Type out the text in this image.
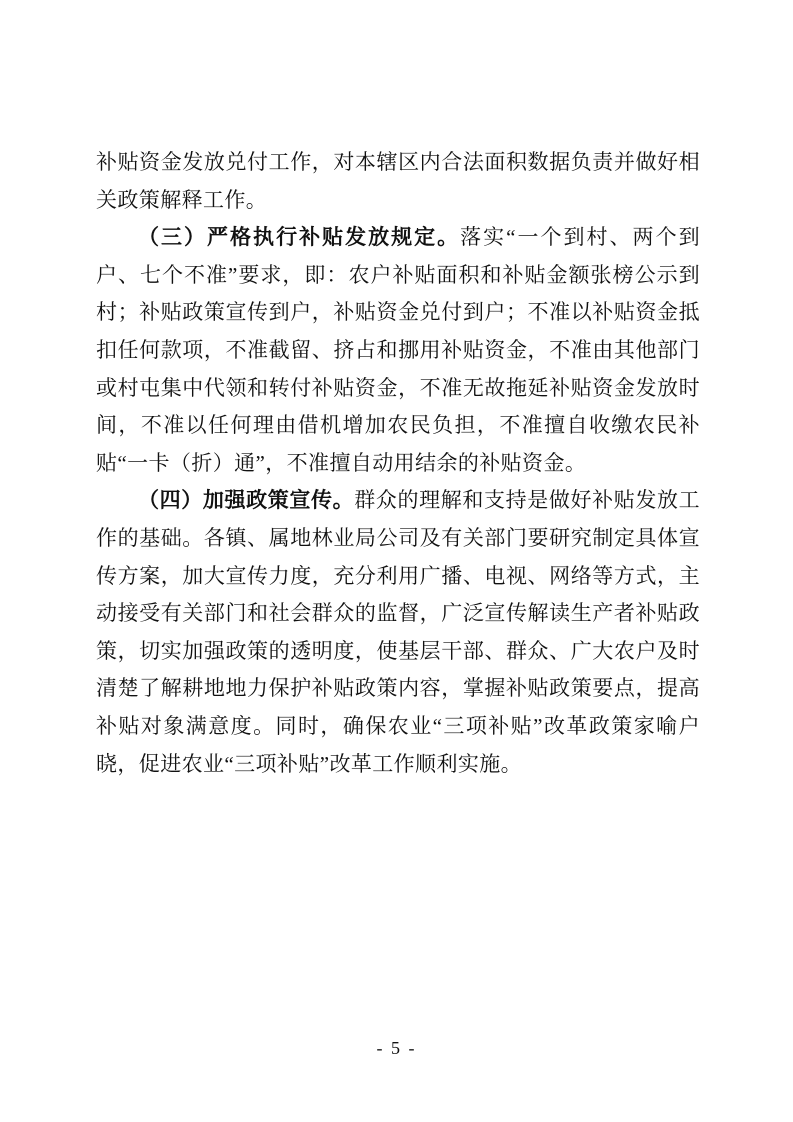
补贴资金发放兑付工作，对本辖区内合法面积数据负责并做好相关政策解释工作。

（三）严格执行补贴发放规定。落实“一个到村、两个到户、七个不准”要求，即：农户补贴面积和补贴金额张榜公示到村；补贴政策宣传到户，补贴资金兑付到户；不准以补贴资金抵扣任何款项，不准截留、挤占和挪用补贴资金，不准由其他部门或村屯集中代领和转付补贴资金，不准无故拖延补贴资金发放时间，不准以任何理由借机增加农民负担，不准擅自收缴农民补贴“一卡（折）通”，不准擅自动用结余的补贴资金。

（四）加强政策宣传。群众的理解和支持是做好补贴发放工作的基础。各镇、属地林业局公司及有关部门要研究制定具体宣传方案，加大宣传力度，充分利用广播、电视、网络等方式，主动接受有关部门和社会群众的监督，广泛宣传解读生产者补贴政策，切实加强政策的透明度，使基层干部、群众、广大农户及时清楚了解耕地地力保护补贴政策内容，掌握补贴政策要点，提高补贴对象满意度。同时，确保农业“三项补贴”改革政策家喻户晓，促进农业“三项补贴”改革工作顺利实施。

- 5 -
